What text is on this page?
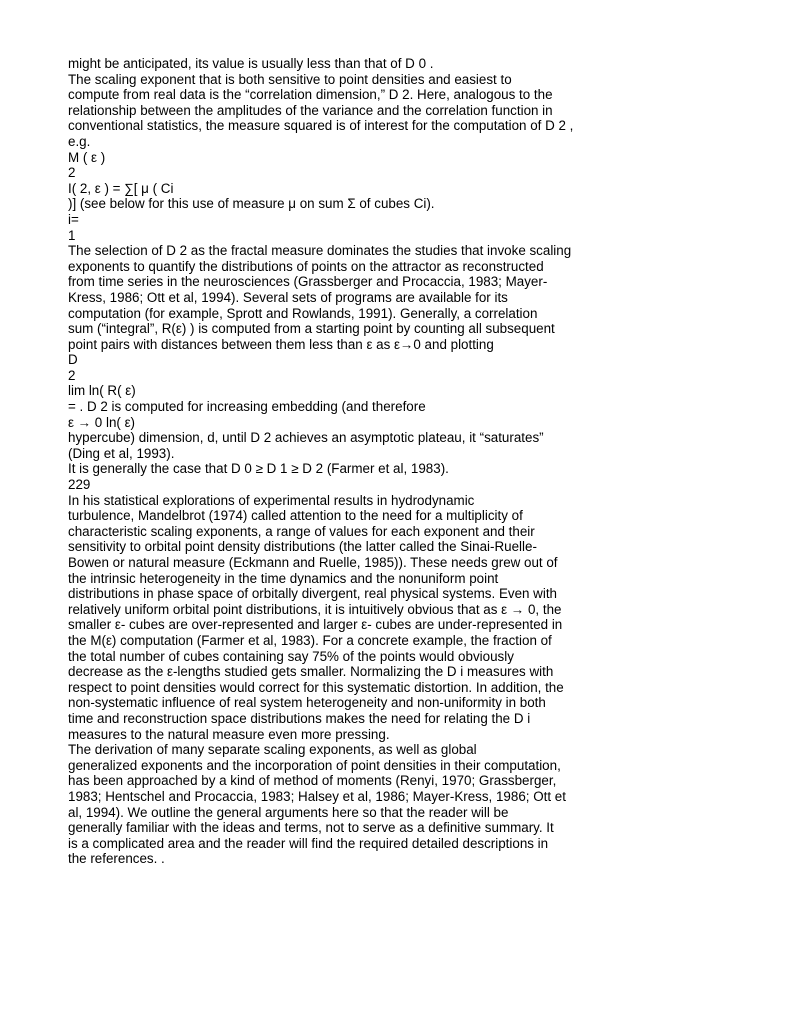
might be anticipated, its value is usually less than that of D 0 .
The scaling exponent that is both sensitive to point densities and easiest to
compute from real data is the “correlation dimension,” D 2. Here, analogous to the
relationship between the amplitudes of the variance and the correlation function in
conventional statistics, the measure squared is of interest for the computation of D 2 ,
e.g.
M ( ε )
2
I( 2, ε ) = ∑[ μ ( Ci
)] (see below for this use of measure μ on sum Σ of cubes Ci).
i=
1
The selection of D 2 as the fractal measure dominates the studies that invoke scaling
exponents to quantify the distributions of points on the attractor as reconstructed
from time series in the neurosciences (Grassberger and Procaccia, 1983; Mayer-
Kress, 1986; Ott et al, 1994). Several sets of programs are available for its
computation (for example, Sprott and Rowlands, 1991). Generally, a correlation
sum (“integral”, R(ε) ) is computed from a starting point by counting all subsequent
point pairs with distances between them less than ε as ε→0 and plotting
D
2
lim ln( R( ε)
= . D 2 is computed for increasing embedding (and therefore
ε → 0 ln( ε)
hypercube) dimension, d, until D 2 achieves an asymptotic plateau, it “saturates”
(Ding et al, 1993).
It is generally the case that D 0 ≥ D 1 ≥ D 2 (Farmer et al, 1983).
229
In his statistical explorations of experimental results in hydrodynamic
turbulence, Mandelbrot (1974) called attention to the need for a multiplicity of
characteristic scaling exponents, a range of values for each exponent and their
sensitivity to orbital point density distributions (the latter called the Sinai-Ruelle-
Bowen or natural measure (Eckmann and Ruelle, 1985)). These needs grew out of
the intrinsic heterogeneity in the time dynamics and the nonuniform point
distributions in phase space of orbitally divergent, real physical systems. Even with
relatively uniform orbital point distributions, it is intuitively obvious that as ε → 0, the
smaller ε- cubes are over-represented and larger ε- cubes are under-represented in
the M(ε) computation (Farmer et al, 1983). For a concrete example, the fraction of
the total number of cubes containing say 75% of the points would obviously
decrease as the ε-lengths studied gets smaller. Normalizing the D i measures with
respect to point densities would correct for this systematic distortion. In addition, the
non-systematic influence of real system heterogeneity and non-uniformity in both
time and reconstruction space distributions makes the need for relating the D i
measures to the natural measure even more pressing.
The derivation of many separate scaling exponents, as well as global
generalized exponents and the incorporation of point densities in their computation,
has been approached by a kind of method of moments (Renyi, 1970; Grassberger,
1983; Hentschel and Procaccia, 1983; Halsey et al, 1986; Mayer-Kress, 1986; Ott et
al, 1994). We outline the general arguments here so that the reader will be
generally familiar with the ideas and terms, not to serve as a definitive summary. It
is a complicated area and the reader will find the required detailed descriptions in
the references. .
